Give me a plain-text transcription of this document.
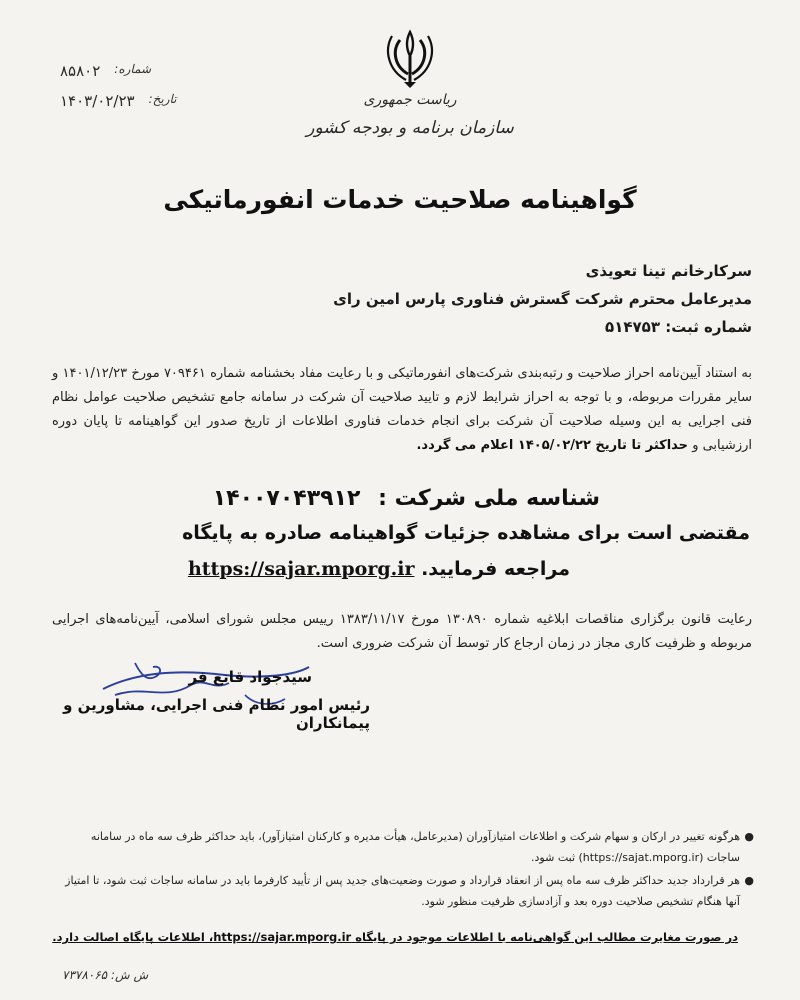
شماره:
۸۵۸۰۲
تاریخ:
۱۴۰۳/۰۲/۲۳	ریاست جمهوری
سازمان برنامه و بودجه کشور
گواهینامه صلاحیت خدمات انفورماتیکی
سرکارخانم تینا تعویذی
مدیرعامل محترم شرکت گسترش فناوری پارس امین رای
شماره ثبت: ۵۱۴۷۵۳
به استناد آیین‌نامه احراز صلاحیت و رتبه‌بندی شرکت‌های انفورماتیکی و با رعایت مفاد بخشنامه شماره ۷۰۹۴۶۱ مورخ ۱۴۰۱/۱۲/۲۳ و سایر مقررات مربوطه، و با توجه به احراز شرایط لازم و تایید صلاحیت آن شرکت در سامانه جامع تشخیص صلاحیت عوامل نظام فنی اجرایی به این وسیله صلاحیت آن شرکت برای انجام خدمات فناوری اطلاعات از تاریخ صدور این گواهینامه تا پایان دوره ارزشیابی و حداکثر تا تاریخ ۱۴۰۵/۰۲/۲۲ اعلام می گردد.
شناسه ملی شرکت : ۱۴۰۰۷۰۴۳۹۱۲
مقتضی است برای مشاهده جزئیات گواهینامه صادره به پایگاه
مراجعه فرمایید. https://sajar.mporg.ir
رعایت قانون برگزاری مناقصات ابلاغیه شماره ۱۳۰۸۹۰ مورخ ۱۳۸۳/۱۱/۱۷ رییس مجلس شورای اسلامی، آیین‌نامه‌های اجرایی مربوطه و ظرفیت کاری مجاز در زمان ارجاع کار توسط آن شرکت ضروری است.
سیدجواد قانع فر
رئیس امور نظام فنی اجرایی، مشاورین و پیمانکاران
●
هرگونه تغییر در ارکان و سهام شرکت و اطلاعات امتیازآوران (مدیرعامل، هیأت مدیره و کارکنان امتیازآور)، باید حداکثر ظرف سه ماه در سامانه ساجات (https://sajat.mporg.ir) ثبت شود.
●
هر قرارداد جدید حداکثر ظرف سه ماه پس از انعقاد قرارداد و صورت وضعیت‌های جدید پس از تأیید کارفرما باید در سامانه ساجات ثبت شود، تا امتیاز آنها هنگام تشخیص صلاحیت دوره بعد و آزادسازی ظرفیت منظور شود.
در صورت مغایرت مطالب این گواهی‌نامه با اطلاعات موجود در پایگاه https://sajar.mporg.ir، اطلاعات پایگاه اصالت دارد.
ش ش: ۷۳۷۸۰۶۵
